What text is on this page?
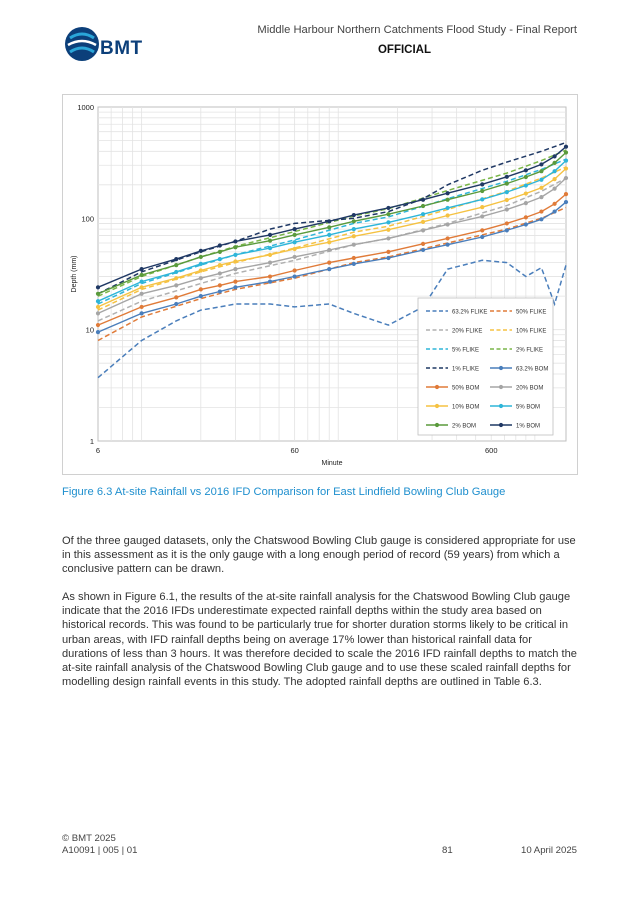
BMT
Middle Harbour Northern Catchments Flood Study - Final Report
OFFICIAL
1
10
100
1000
6	60	600
Minute
Depth (mm)
63.2% FLIKE	50% FLIKE
20% FLIKE	10% FLIKE
5% FLIKE	2% FLIKE
1% FLIKE	63.2% BOM
50% BOM	20% BOM
10% BOM	5% BOM
2% BOM	1% BOM
Figure 6.3 At-site Rainfall vs 2016 IFD Comparison for East Lindfield Bowling Club Gauge

Of the three gauged datasets, only the Chatswood Bowling Club gauge is considered appropriate for use in this assessment as it is the only gauge with a long enough period of record (59 years) from which a conclusive pattern can be drawn.

As shown in Figure 6.1, the results of the at-site rainfall analysis for the Chatswood Bowling Club gauge indicate that the 2016 IFDs underestimate expected rainfall depths within the study area based on historical records. This was found to be particularly true for shorter duration storms likely to be critical in urban areas, with IFD rainfall depths being on average 17% lower than historical rainfall data for durations of less than 3 hours. It was therefore decided to scale the 2016 IFD rainfall depths to match the at-site rainfall analysis of the Chatswood Bowling Club gauge and to use these scaled rainfall depths for modelling design rainfall events in this study. The adopted rainfall depths are outlined in Table 6.3.

© BMT 2025
A10091 | 005 | 01	81	10 April 2025
